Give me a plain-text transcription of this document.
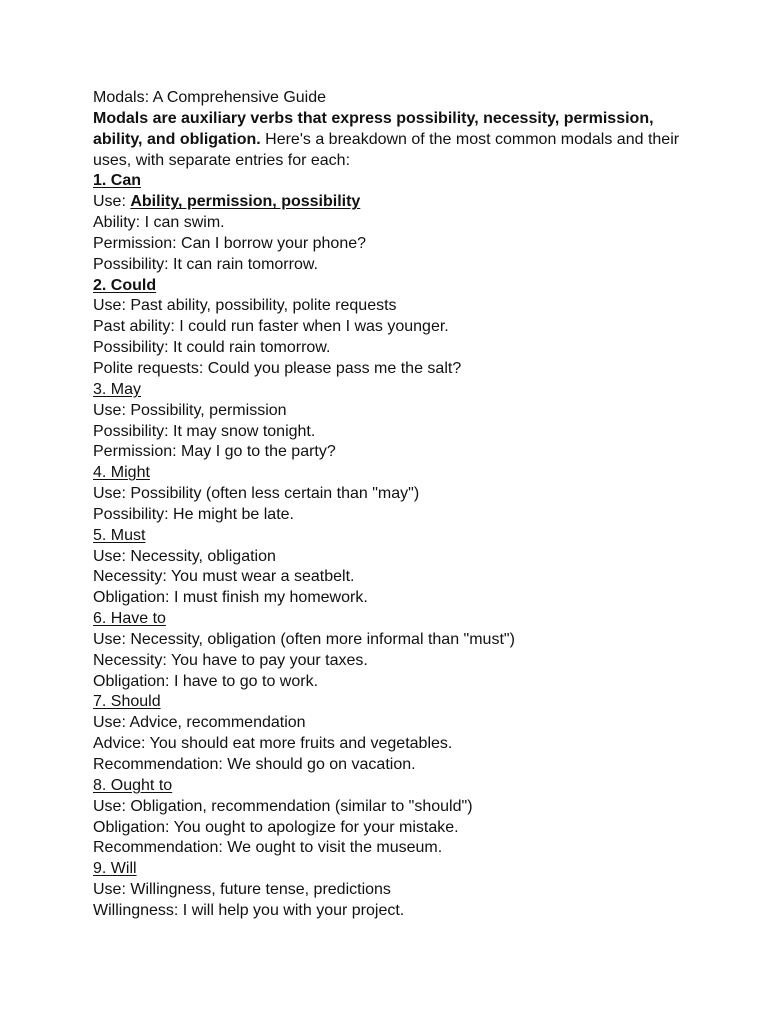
Modals: A Comprehensive Guide
Modals are auxiliary verbs that express possibility, necessity, permission, ability, and obligation. Here's a breakdown of the most common modals and their uses, with separate entries for each:
1. Can
Use: Ability, permission, possibility
Ability: I can swim.
Permission: Can I borrow your phone?
Possibility: It can rain tomorrow.
2. Could
Use: Past ability, possibility, polite requests
Past ability: I could run faster when I was younger.
Possibility: It could rain tomorrow.
Polite requests: Could you please pass me the salt?
3. May
Use: Possibility, permission
Possibility: It may snow tonight.
Permission: May I go to the party?
4. Might
Use: Possibility (often less certain than "may")
Possibility: He might be late.
5. Must
Use: Necessity, obligation
Necessity: You must wear a seatbelt.
Obligation: I must finish my homework.
6. Have to
Use: Necessity, obligation (often more informal than "must")
Necessity: You have to pay your taxes.
Obligation: I have to go to work.
7. Should
Use: Advice, recommendation
Advice: You should eat more fruits and vegetables.
Recommendation: We should go on vacation.
8. Ought to
Use: Obligation, recommendation (similar to "should")
Obligation: You ought to apologize for your mistake.
Recommendation: We ought to visit the museum.
9. Will
Use: Willingness, future tense, predictions
Willingness: I will help you with your project.
